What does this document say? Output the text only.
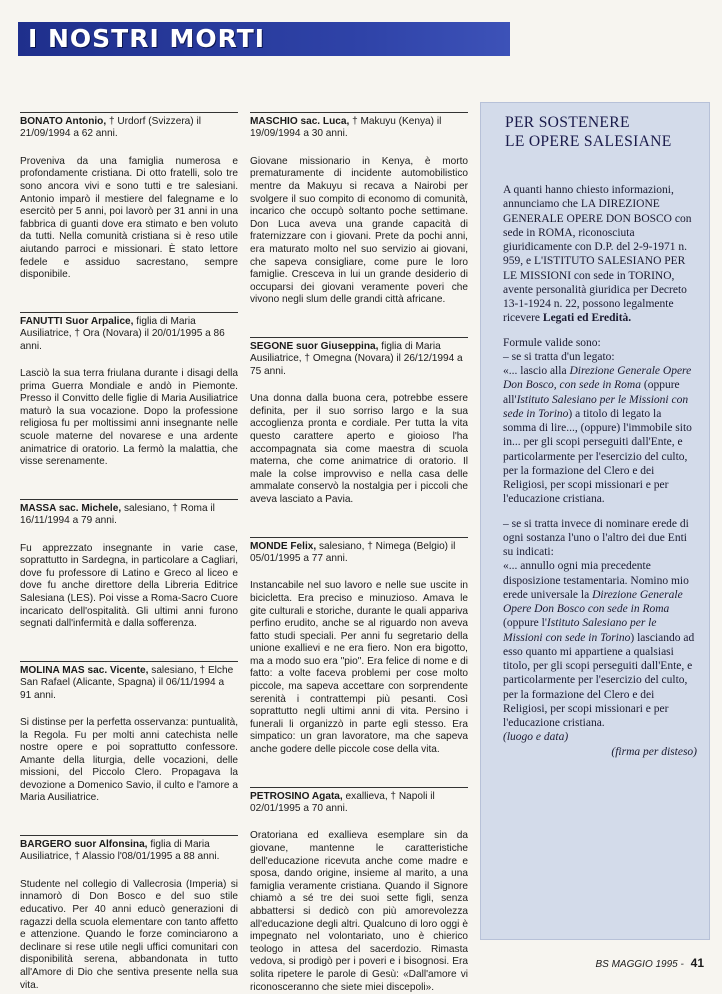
I NOSTRI MORTI

BONATO Antonio, † Urdorf (Svizzera) il 21/09/1994 a 62 anni.

Proveniva da una famiglia numerosa e profondamente cristiana. Di otto fratelli, solo tre sono ancora vivi e sono tutti e tre salesiani. Antonio imparò il mestiere del falegname e lo esercitò per 5 anni, poi lavorò per 31 anni in una fabbrica di guanti dove era stimato e ben voluto da tutti. Nella comunità cristiana si è reso utile aiutando parroci e missionari. È stato lettore fedele e assiduo sacrestano, sempre disponibile.

FANUTTI Suor Arpalice, figlia di Maria Ausiliatrice, † Ora (Novara) il 20/01/1995 a 86 anni.

Lasciò la sua terra friulana durante i disagi della prima Guerra Mondiale e andò in Piemonte. Presso il Convitto delle figlie di Maria Ausiliatrice maturò la sua vocazione. Dopo la professione religiosa fu per moltissimi anni insegnante nelle scuole materne del novarese e una ardente animatrice di oratorio. La fermò la malattia, che visse serenamente.

MASSA sac. Michele, salesiano, † Roma il 16/11/1994 a 79 anni.

Fu apprezzato insegnante in varie case, soprattutto in Sardegna, in particolare a Cagliari, dove fu professore di Latino e Greco al liceo e dove fu anche direttore della Libreria Editrice Salesiana (LES). Poi visse a Roma-Sacro Cuore incaricato dell'ospitalità. Gli ultimi anni furono segnati dall'infermità e dalla sofferenza.

MOLINA MAS sac. Vicente, salesiano, † Elche San Rafael (Alicante, Spagna) il 06/11/1994 a 91 anni.

Si distinse per la perfetta osservanza: puntualità, la Regola. Fu per molti anni catechista nelle nostre opere e poi soprattutto confessore. Amante della liturgia, delle vocazioni, delle missioni, del Piccolo Clero. Propagava la devozione a Domenico Savio, il culto e l'amore a Maria Ausiliatrice.

BARGERO suor Alfonsina, figlia di Maria Ausiliatrice, † Alassio l'08/01/1995 a 88 anni.

Studente nel collegio di Vallecrosia (Imperia) si innamorò di Don Bosco e del suo stile educativo. Per 40 anni educò generazioni di ragazzi della scuola elementare con tanto affetto e attenzione. Quando le forze cominciarono a declinare si rese utile negli uffici comunitari con disponibilità serena, abbandonata in tutto all'Amore di Dio che sentiva presente nella sua vita.

MASCHIO sac. Luca, † Makuyu (Kenya) il 19/09/1994 a 30 anni.

Giovane missionario in Kenya, è morto prematuramente di incidente automobilistico mentre da Makuyu si recava a Nairobi per svolgere il suo compito di economo di comunità, incarico che occupò soltanto poche settimane. Don Luca aveva una grande capacità di fraternizzare con i giovani. Prete da pochi anni, era maturato molto nel suo servizio ai giovani, che sapeva consigliare, come pure le loro famiglie. Cresceva in lui un grande desiderio di occuparsi dei giovani veramente poveri che vivono negli slum delle grandi città africane.

SEGONE suor Giuseppina, figlia di Maria Ausiliatrice, † Omegna (Novara) il 26/12/1994 a 75 anni.

Una donna dalla buona cera, potrebbe essere definita, per il suo sorriso largo e la sua accoglienza pronta e cordiale. Per tutta la vita questo carattere aperto e gioioso l'ha accompagnata sia come maestra di scuola materna, che come animatrice di oratorio. Il male la colse improvviso e nella casa delle ammalate conservò la nostalgia per i piccoli che aveva lasciato a Pavia.

MONDE Felix, salesiano, † Nimega (Belgio) il 05/01/1995 a 77 anni.

Instancabile nel suo lavoro e nelle sue uscite in bicicletta. Era preciso e minuzioso. Amava le gite culturali e storiche, durante le quali appariva perfino erudito, anche se al riguardo non aveva fatto studi speciali. Per anni fu segretario della unione exallievi e ne era fiero. Non era bigotto, ma a modo suo era "pio". Era felice di nome e di fatto: a volte faceva problemi per cose molto piccole, ma sapeva accettare con sorprendente serenità i contrattempi più pesanti. Così soprattutto negli ultimi anni di vita. Persino i funerali li organizzò in parte egli stesso. Era simpatico: un gran lavoratore, ma che sapeva anche godere delle piccole cose della vita.

PETROSINO Agata, exallieva, † Napoli il 02/01/1995 a 70 anni.

Oratoriana ed exallieva esemplare sin da giovane, mantenne le caratteristiche dell'educazione ricevuta anche come madre e sposa, dando origine, insieme al marito, a una famiglia veramente cristiana. Quando il Signore chiamò a sé tre dei suoi sette figli, senza abbattersi si dedicò con più amorevolezza all'educazione degli altri. Qualcuno di loro oggi è impegnato nel volontariato, uno è chierico teologo in attesa del sacerdozio. Rimasta vedova, si prodigò per i poveri e i bisognosi. Era solita ripetere le parole di Gesù: «Dall'amore vi riconosceranno che siete miei discepoli».

PER SOSTENERE
LE OPERE SALESIANE

A quanti hanno chiesto informazioni, annunciamo che LA DIREZIONE GENERALE OPERE DON BOSCO con sede in ROMA, riconosciuta giuridicamente con D.P. del 2-9-1971 n. 959, e L'ISTITUTO SALESIANO PER LE MISSIONI con sede in TORINO, avente personalità giuridica per Decreto 13-1-1924 n. 22, possono legalmente ricevere Legati ed Eredità.

Formule valide sono:

– se si tratta d'un legato:

«... lascio alla Direzione Generale Opere Don Bosco, con sede in Roma (oppure all'Istituto Salesiano per le Missioni con sede in Torino) a titolo di legato la somma di lire..., (oppure) l'immobile sito in... per gli scopi perseguiti dall'Ente, e particolarmente per l'esercizio del culto, per la formazione del Clero e dei Religiosi, per scopi missionari e per l'educazione cristiana.

– se si tratta invece di nominare erede di ogni sostanza l'uno o l'altro dei due Enti su indicati:

«... annullo ogni mia precedente disposizione testamentaria. Nomino mio erede universale la Direzione Generale Opere Don Bosco con sede in Roma (oppure l'Istituto Salesiano per le Missioni con sede in Torino) lasciando ad esso quanto mi appartiene a qualsiasi titolo, per gli scopi perseguiti dall'Ente, e particolarmente per l'esercizio del culto, per la formazione del Clero e dei Religiosi, per scopi missionari e per l'educazione cristiana.

(luogo e data)

(firma per disteso)

BS MAGGIO 1995 - 41
